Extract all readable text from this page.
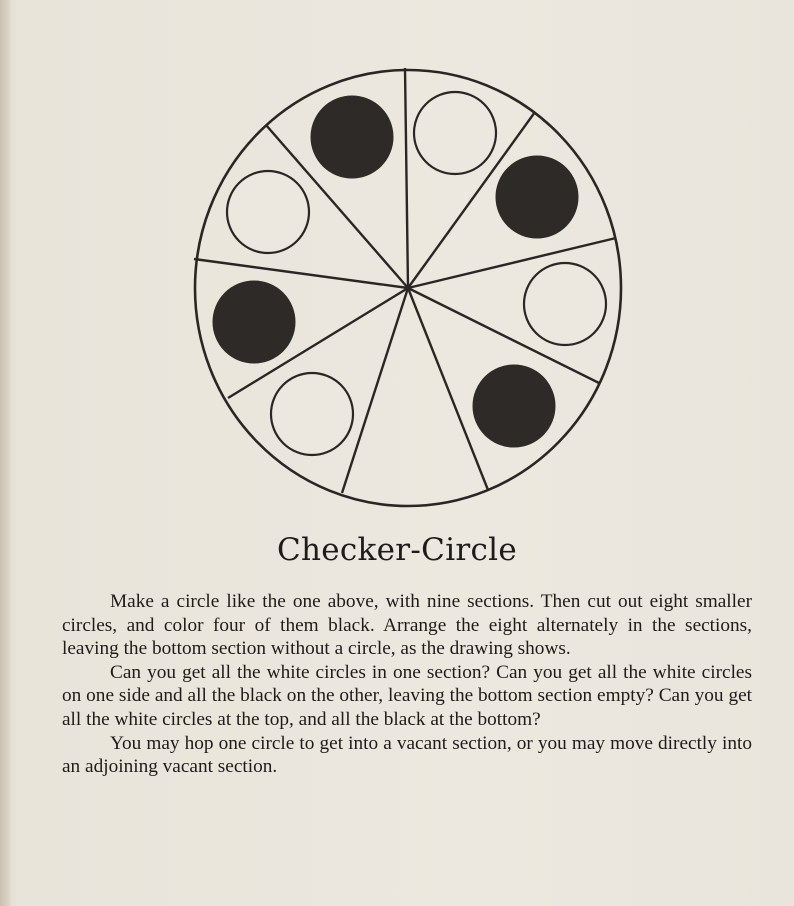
Checker-Circle

Make a circle like the one above, with nine sections. Then cut out eight smaller circles, and color four of them black. Arrange the eight alternately in the sections, leaving the bottom section without a circle, as the drawing shows.

Can you get all the white circles in one section? Can you get all the white circles on one side and all the black on the other, leaving the bottom section empty? Can you get all the white circles at the top, and all the black at the bottom?

You may hop one circle to get into a vacant section, or you may move directly into an adjoining vacant section.
